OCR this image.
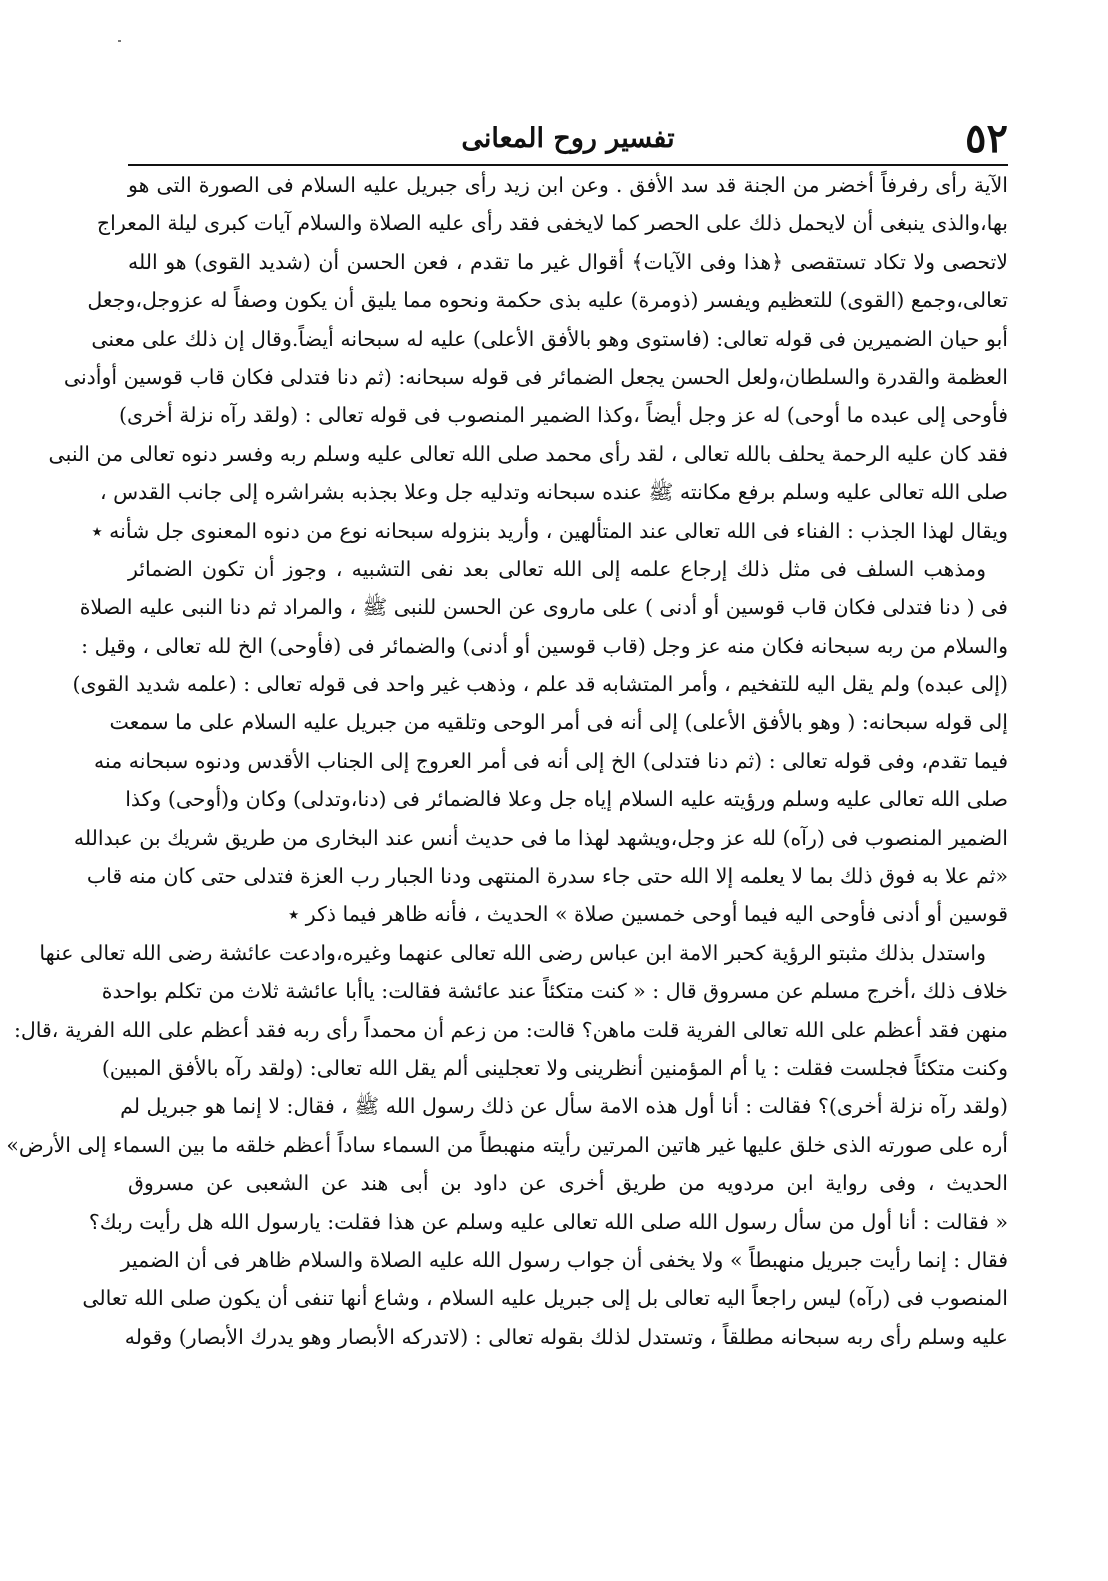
٥٢
تفسير روح المعانى
الآية رأى رفرفاً أخضر من الجنة قد سد الأفق . وعن ابن زيد رأى جبريل عليه السلام فى الصورة التى هو
بها،والذى ينبغى أن لايحمل ذلك على الحصر كما لايخفى فقد رأى عليه الصلاة والسلام آيات كبرى ليلة المعراج
لاتحصى ولا تكاد تستقصى ﴿هذا وفى الآيات﴾ أقوال غير ما تقدم ، فعن الحسن أن (شديد القوى) هو الله
تعالى،وجمع (القوى) للتعظيم ويفسر (ذومرة) عليه بذى حكمة ونحوه مما يليق أن يكون وصفاً له عزوجل،وجعل
أبو حيان الضميرين فى قوله تعالى: (فاستوى وهو بالأفق الأعلى) عليه له سبحانه أيضاً.وقال إن ذلك على معنى
العظمة والقدرة والسلطان،ولعل الحسن يجعل الضمائر فى قوله سبحانه: (ثم دنا فتدلى فكان قاب قوسين أوأدنى
فأوحى إلى عبده ما أوحى) له عز وجل أيضاً ،وكذا الضمير المنصوب فى قوله تعالى : (ولقد رآه نزلة أخرى)
فقد كان عليه الرحمة يحلف بالله تعالى ، لقد رأى محمد صلى الله تعالى عليه وسلم ربه وفسر دنوه تعالى من النبى
صلى الله تعالى عليه وسلم برفع مكانته ﷺ عنده سبحانه وتدليه جل وعلا بجذبه بشراشره إلى جانب القدس ،
ويقال لهذا الجذب : الفناء فى الله تعالى عند المتألهين ، وأريد بنزوله سبحانه نوع من دنوه المعنوى جل شأنه ٭
ومذهب السلف فى مثل ذلك إرجاع علمه إلى الله تعالى بعد نفى التشبيه ، وجوز أن تكون الضمائر
فى ( دنا فتدلى فكان قاب قوسين أو أدنى ) على ماروى عن الحسن للنبى ﷺ ، والمراد ثم دنا النبى عليه الصلاة
والسلام من ربه سبحانه فكان منه عز وجل (قاب قوسين أو أدنى) والضمائر فى (فأوحى) الخ لله تعالى ، وقيل :
(إلى عبده) ولم يقل اليه للتفخيم ، وأمر المتشابه قد علم ، وذهب غير واحد فى قوله تعالى : (علمه شديد القوى)
إلى قوله سبحانه: ( وهو بالأفق الأعلى) إلى أنه فى أمر الوحى وتلقيه من جبريل عليه السلام على ما سمعت
فيما تقدم، وفى قوله تعالى : (ثم دنا فتدلى) الخ إلى أنه فى أمر العروج إلى الجناب الأقدس ودنوه سبحانه منه
صلى الله تعالى عليه وسلم ورؤيته عليه السلام إياه جل وعلا فالضمائر فى (دنا،وتدلى) وكان و(أوحى) وكذا
الضمير المنصوب فى (رآه) لله عز وجل،ويشهد لهذا ما فى حديث أنس عند البخارى من طريق شريك بن عبدالله
«ثم علا به فوق ذلك بما لا يعلمه إلا الله حتى جاء سدرة المنتهى ودنا الجبار رب العزة فتدلى حتى كان منه قاب
قوسين أو أدنى فأوحى اليه فيما أوحى خمسين صلاة » الحديث ، فأنه ظاهر فيما ذكر ٭
واستدل بذلك مثبتو الرؤية كحبر الامة ابن عباس رضى الله تعالى عنهما وغيره،وادعت عائشة رضى الله تعالى عنها
خلاف ذلك ،أخرج مسلم عن مسروق قال : « كنت متكئاً عند عائشة فقالت: ياأبا عائشة ثلاث من تكلم بواحدة
منهن فقد أعظم على الله تعالى الفرية قلت ماهن؟ قالت: من زعم أن محمداً رأى ربه فقد أعظم على الله الفرية ،قال:
وكنت متكئاً فجلست فقلت : يا أم المؤمنين أنظرينى ولا تعجلينى ألم يقل الله تعالى: (ولقد رآه بالأفق المبين)
(ولقد رآه نزلة أخرى)؟ فقالت : أنا أول هذه الامة سأل عن ذلك رسول الله ﷺ ، فقال: لا إنما هو جبريل لم
أره على صورته الذى خلق عليها غير هاتين المرتين رأيته منهبطاً من السماء ساداً أعظم خلقه ما بين السماء إلى الأرض»
الحديث ، وفى رواية ابن مردويه من طريق أخرى عن داود بن أبى هند عن الشعبى عن مسروق
« فقالت : أنا أول من سأل رسول الله صلى الله تعالى عليه وسلم عن هذا فقلت: يارسول الله هل رأيت ربك؟
فقال : إنما رأيت جبريل منهبطاً » ولا يخفى أن جواب رسول الله عليه الصلاة والسلام ظاهر فى أن الضمير
المنصوب فى (رآه) ليس راجعاً اليه تعالى بل إلى جبريل عليه السلام ، وشاع أنها تنفى أن يكون صلى الله تعالى
عليه وسلم رأى ربه سبحانه مطلقاً ، وتستدل لذلك بقوله تعالى : (لاتدركه الأبصار وهو يدرك الأبصار) وقوله
